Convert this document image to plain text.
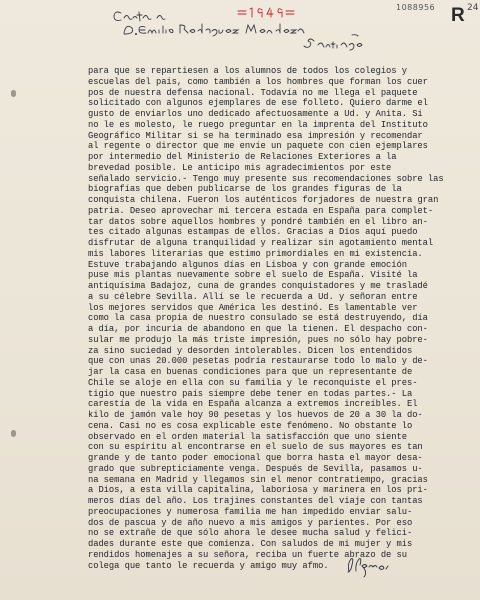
1088956 R 24
para que se repartiesen a los alumnos de todos los colegios y
escuelas del país, como también a los hombres que forman los cuer
pos de nuestra defensa nacional. Todavía no me llega el paquete
solicitado con algunos ejemplares de ese folleto. Quiero darme el
gusto de enviarlos uno dedicado afectuosamente a Ud. y Anita. Si
no le es molesto, le ruego preguntar en la imprenta del Instituto
Geográfico Militar si se ha terminado esa impresión y recomendar
al regente o director que me envíe un paquete con cien ejemplares
por intermedio del Ministerio de Relaciones Exteriores a la
brevedad posible. Le anticipo mis agradecimientos por este
señalado servicio.- Tengo muy presente sus recomendaciones sobre las
biografías que deben publicarse de los grandes figuras de la
conquista chilena. Fueron los auténticos forjadores de nuestra gran
patria. Deseo aprovechar mi tercera estada en España para complet-
tar datos sobre aquellos hombres y pondré también en el libro an-
tes citado algunas estampas de ellos. Gracias a Dios aquí puedo
disfrutar de alguna tranquilidad y realizar sin agotamiento mental
mis labores literarias que estimo primordiales en mi existencia.
Estuve trabajando algunos días en Lisboa y con grande emoción
puse mis plantas nuevamente sobre el suelo de España. Visité la
antiquísima Badajoz, cuna de grandes conquistadores y me trasladé
a su célebre Sevilla. Allí se le recuerda a Ud. y señoran entre
los mejores servidos que América les destinó. Es lamentable ver
como la casa propia de nuestro consulado se está destruyendo, día
a día, por incuria de abandono en que la tienen. El despacho con-
sular me produjo la más triste impresión, pues no sólo hay pobre-
za sino suciedad y desorden intolerables. Dicen los entendidos
que con unas 20.000 pesetas podría restaurarse todo lo malo y de-
jar la casa en buenas condiciones para que un representante de
Chile se aloje en ella con su familia y le reconquiste el pres-
tigio que nuestro país siempre debe tener en todas partes.- La
carestía de la vida en España alcanza a extremos increíbles. El
kilo de jamón vale hoy 90 pesetas y los huevos de 20 a 30 la do-
cena. Casi no es cosa explicable este fenómeno. No obstante lo
observado en el orden material la satisfacción que uno siente
con su espíritu al encontrarse en el suelo de sus mayores es tan
grande y de tanto poder emocional que borra hasta el mayor desa-
grado que subrepticiamente venga. Después de Sevilla, pasamos u-
na semana en Madrid y llegamos sin el menor contratiempo, gracias
a Dios, a esta villa capitalina, laboriosa y marinera en los pri-
meros días del año. Los trajines constantes del viaje con tantas
preocupaciones y numerosa familia me han impedido enviar salu-
dos de pascua y de año nuevo a mis amigos y parientes. Por eso
no se extrañe de que sólo ahora le desee mucha salud y felici-
dades durante este que comienza. Con saludos de mi mujer y mis
rendidos homenajes a su señora, reciba un fuerte abrazo de su
colega que tanto le recuerda y amigo muy afmo.
